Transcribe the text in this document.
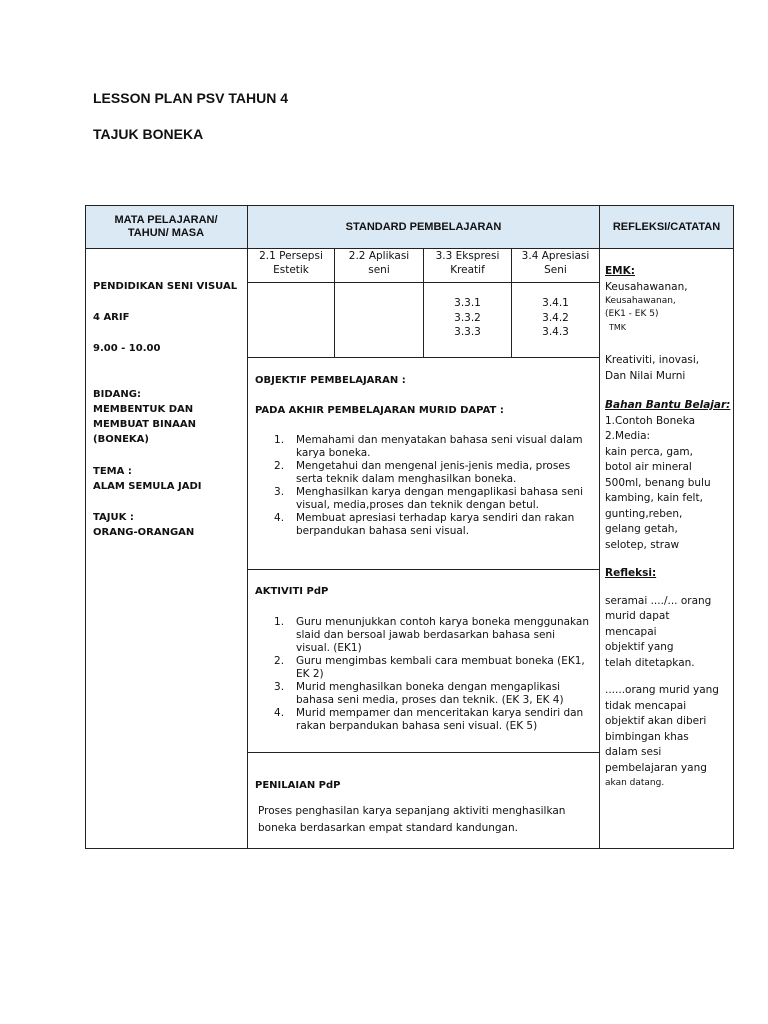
LESSON PLAN PSV TAHUN 4
TAJUK BONEKA
MATA PELAJARAN/ TAHUN/ MASA
STANDARD PEMBELAJARAN	REFLEKSI/CATATAN
PENDIDIKAN SENI VISUAL
4 ARIF
9.00 - 10.00
BIDANG:
MEMBENTUK DAN
MEMBUAT BINAAN
(BONEKA)
TEMA :
ALAM SEMULA JADI
TAJUK :
ORANG-ORANGAN
2.1 Persepsi
Estetik
2.2 Aplikasi
seni
3.3 Ekspresi
Kreatif
3.4 Apresiasi
Seni
3.3.1
3.3.2
3.3.3
3.4.1
3.4.2
3.4.3
OBJEKTIF PEMBELAJARAN :
PADA AKHIR PEMBELAJARAN MURID DAPAT :
Memahami dan menyatakan bahasa seni visual dalam karya boneka.
Mengetahui dan mengenal jenis-jenis media, proses serta teknik dalam menghasilkan boneka.
Menghasilkan karya dengan mengaplikasi bahasa seni visual, media,proses dan teknik dengan betul.
Membuat apresiasi terhadap karya sendiri dan rakan berpandukan bahasa seni visual.
AKTIVITI PdP
Guru menunjukkan contoh karya boneka menggunakan slaid dan bersoal jawab berdasarkan bahasa seni visual. (EK1)
Guru mengimbas kembali cara membuat boneka (EK1, EK 2)
Murid menghasilkan boneka dengan mengaplikasi bahasa seni media, proses dan teknik. (EK 3, EK 4)
Murid mempamer dan menceritakan karya sendiri dan rakan berpandukan bahasa seni visual. (EK 5)
PENILAIAN PdP
Proses penghasilan karya sepanjang aktiviti menghasilkan boneka berdasarkan empat standard kandungan.
EMK:
Keusahawanan,
Keusahawanan,
(EK1 - EK 5)
TMK
Kreativiti, inovasi,
Dan Nilai Murni
Bahan Bantu Belajar:
1.Contoh Boneka
2.Media:
kain perca, gam,
botol air mineral
500ml, benang bulu
kambing, kain felt,
gunting,reben,
gelang getah,
selotep, straw
Refleksi:
seramai ..../... orang
murid dapat
mencapai
objektif yang
telah ditetapkan.
......orang murid yang
tidak mencapai
objektif akan diberi
bimbingan khas
dalam sesi
pembelajaran yang
akan datang.
